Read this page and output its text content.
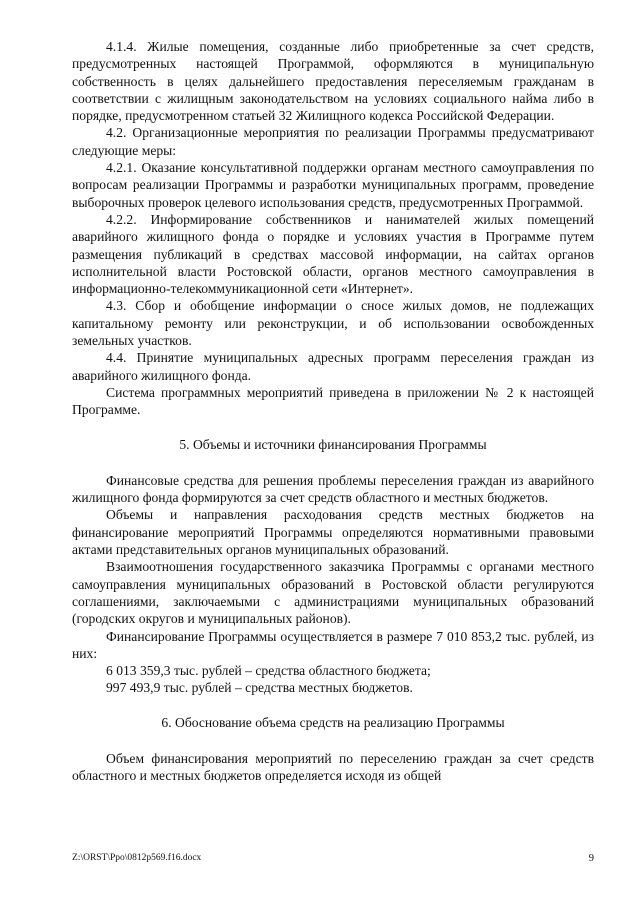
4.1.4. Жилые помещения, созданные либо приобретенные за счет средств, предусмотренных настоящей Программой, оформляются в муниципальную собственность в целях дальнейшего предоставления переселяемым гражданам в соответствии с жилищным законодательством на условиях социального найма либо в порядке, предусмотренном статьей 32 Жилищного кодекса Российской Федерации.

4.2. Организационные мероприятия по реализации Программы предусматривают следующие меры:

4.2.1. Оказание консультативной поддержки органам местного самоуправления по вопросам реализации Программы и разработки муниципальных программ, проведение выборочных проверок целевого использования средств, предусмотренных Программой.

4.2.2. Информирование собственников и нанимателей жилых помещений аварийного жилищного фонда о порядке и условиях участия в Программе путем размещения публикаций в средствах массовой информации, на сайтах органов исполнительной власти Ростовской области, органов местного самоуправления в информационно-телекоммуникационной сети «Интернет».

4.3. Сбор и обобщение информации о сносе жилых домов, не подлежащих капитальному ремонту или реконструкции, и об использовании освобожденных земельных участков.

4.4. Принятие муниципальных адресных программ переселения граждан из аварийного жилищного фонда.

Система программных мероприятий приведена в приложении № 2 к настоящей Программе.

5. Объемы и источники финансирования Программы

Финансовые средства для решения проблемы переселения граждан из аварийного жилищного фонда формируются за счет средств областного и местных бюджетов.

Объемы и направления расходования средств местных бюджетов на финансирование мероприятий Программы определяются нормативными правовыми актами представительных органов муниципальных образований.

Взаимоотношения государственного заказчика Программы с органами местного самоуправления муниципальных образований в Ростовской области регулируются соглашениями, заключаемыми с администрациями муниципальных образований (городских округов и муниципальных районов).

Финансирование Программы осуществляется в размере 7 010 853,2 тыс. рублей, из них:

6 013 359,3 тыс. рублей – средства областного бюджета;

997 493,9 тыс. рублей – средства местных бюджетов.

6. Обоснование объема средств на реализацию Программы

Объем финансирования мероприятий по переселению граждан за счет средств областного и местных бюджетов определяется исходя из общей

Z:\ORST\Ppo\0812p569.f16.docx	9
